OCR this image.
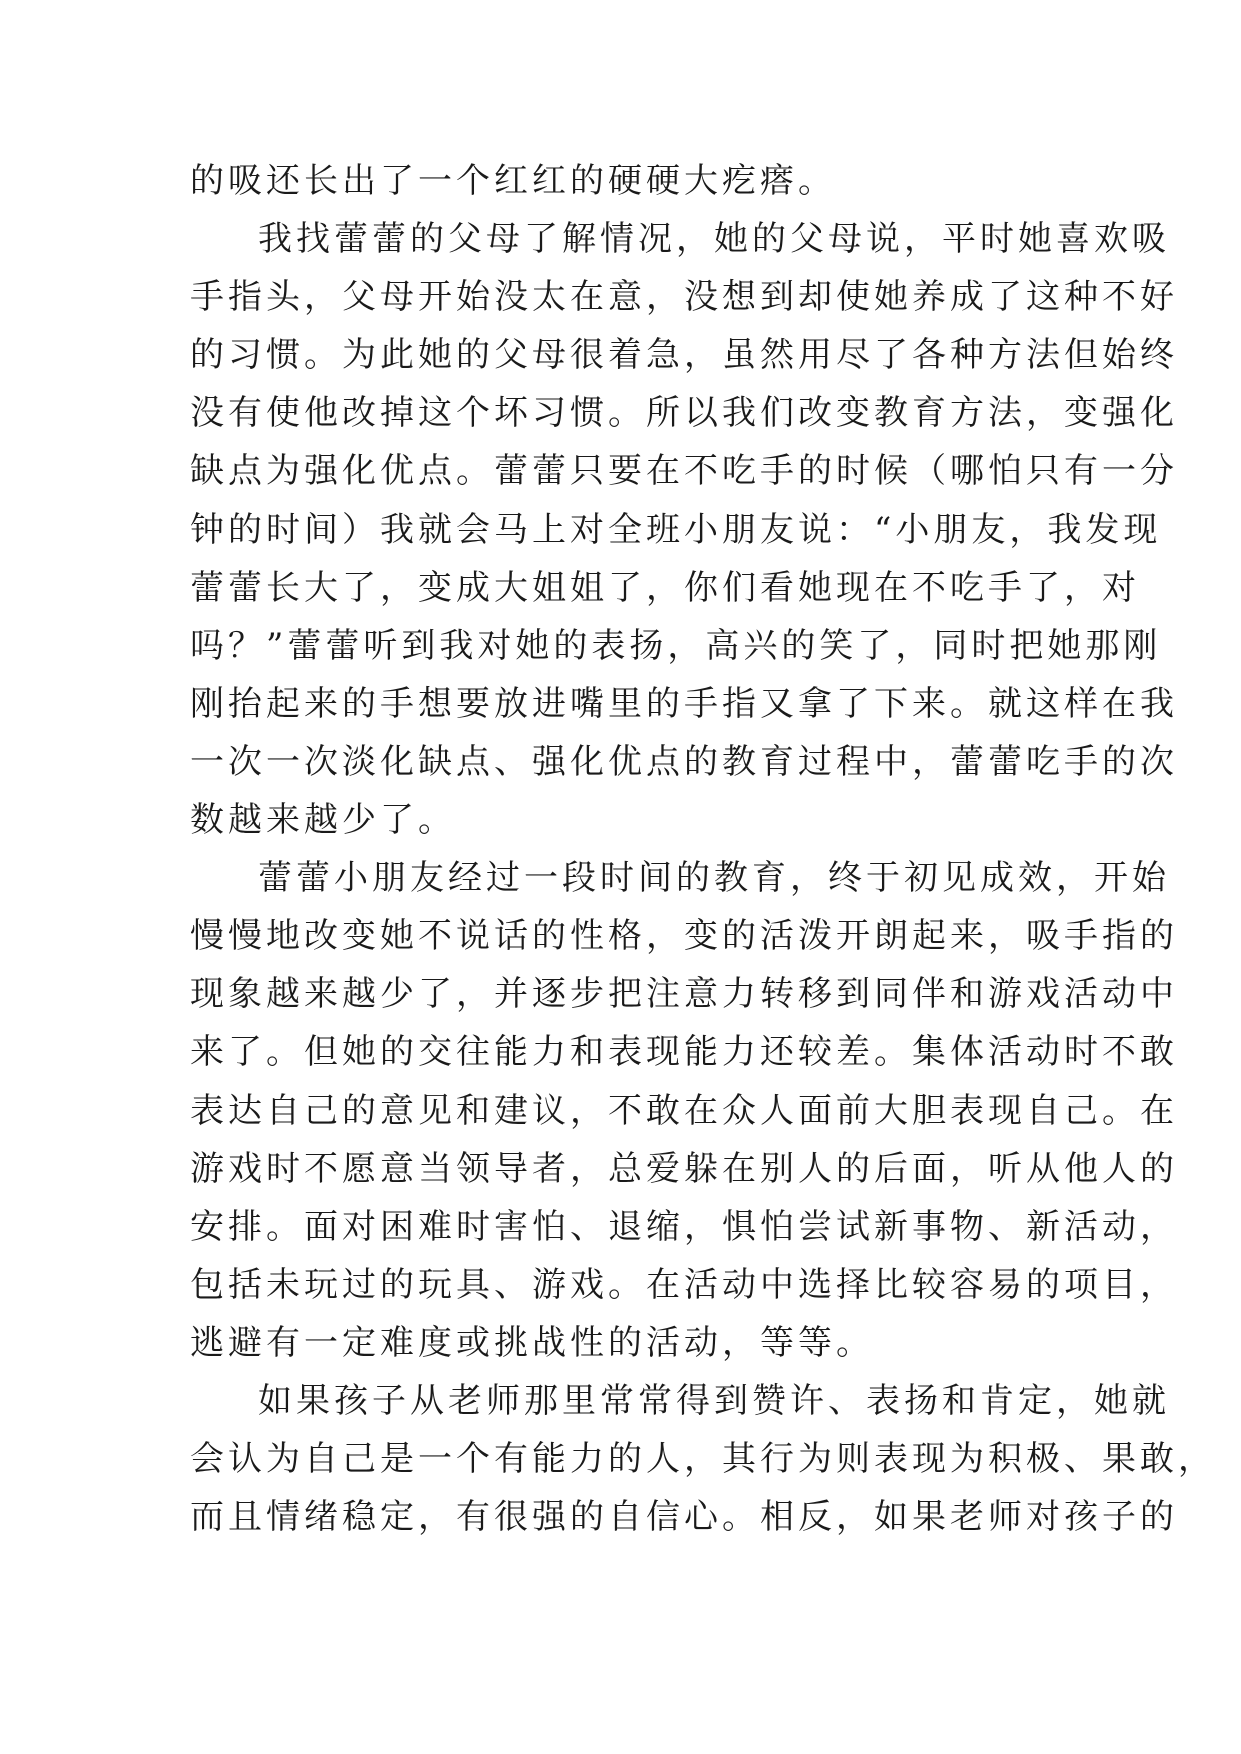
的吸还长出了一个红红的硬硬大疙瘩。
我找蕾蕾的父母了解情况，她的父母说，平时她喜欢吸
手指头，父母开始没太在意，没想到却使她养成了这种不好
的习惯。为此她的父母很着急，虽然用尽了各种方法但始终
没有使他改掉这个坏习惯。所以我们改变教育方法，变强化
缺点为强化优点。蕾蕾只要在不吃手的时候（哪怕只有一分
钟的时间）我就会马上对全班小朋友说：“小朋友，我发现
蕾蕾长大了，变成大姐姐了，你们看她现在不吃手了，对
吗？”蕾蕾听到我对她的表扬，高兴的笑了，同时把她那刚
刚抬起来的手想要放进嘴里的手指又拿了下来。就这样在我
一次一次淡化缺点、强化优点的教育过程中，蕾蕾吃手的次
数越来越少了。
蕾蕾小朋友经过一段时间的教育，终于初见成效，开始
慢慢地改变她不说话的性格，变的活泼开朗起来，吸手指的
现象越来越少了，并逐步把注意力转移到同伴和游戏活动中
来了。但她的交往能力和表现能力还较差。集体活动时不敢
表达自己的意见和建议，不敢在众人面前大胆表现自己。在
游戏时不愿意当领导者，总爱躲在别人的后面，听从他人的
安排。面对困难时害怕、退缩，惧怕尝试新事物、新活动，
包括未玩过的玩具、游戏。在活动中选择比较容易的项目，
逃避有一定难度或挑战性的活动，等等。
如果孩子从老师那里常常得到赞许、表扬和肯定，她就
会认为自己是一个有能力的人，其行为则表现为积极、果敢，
而且情绪稳定，有很强的自信心。相反，如果老师对孩子的
